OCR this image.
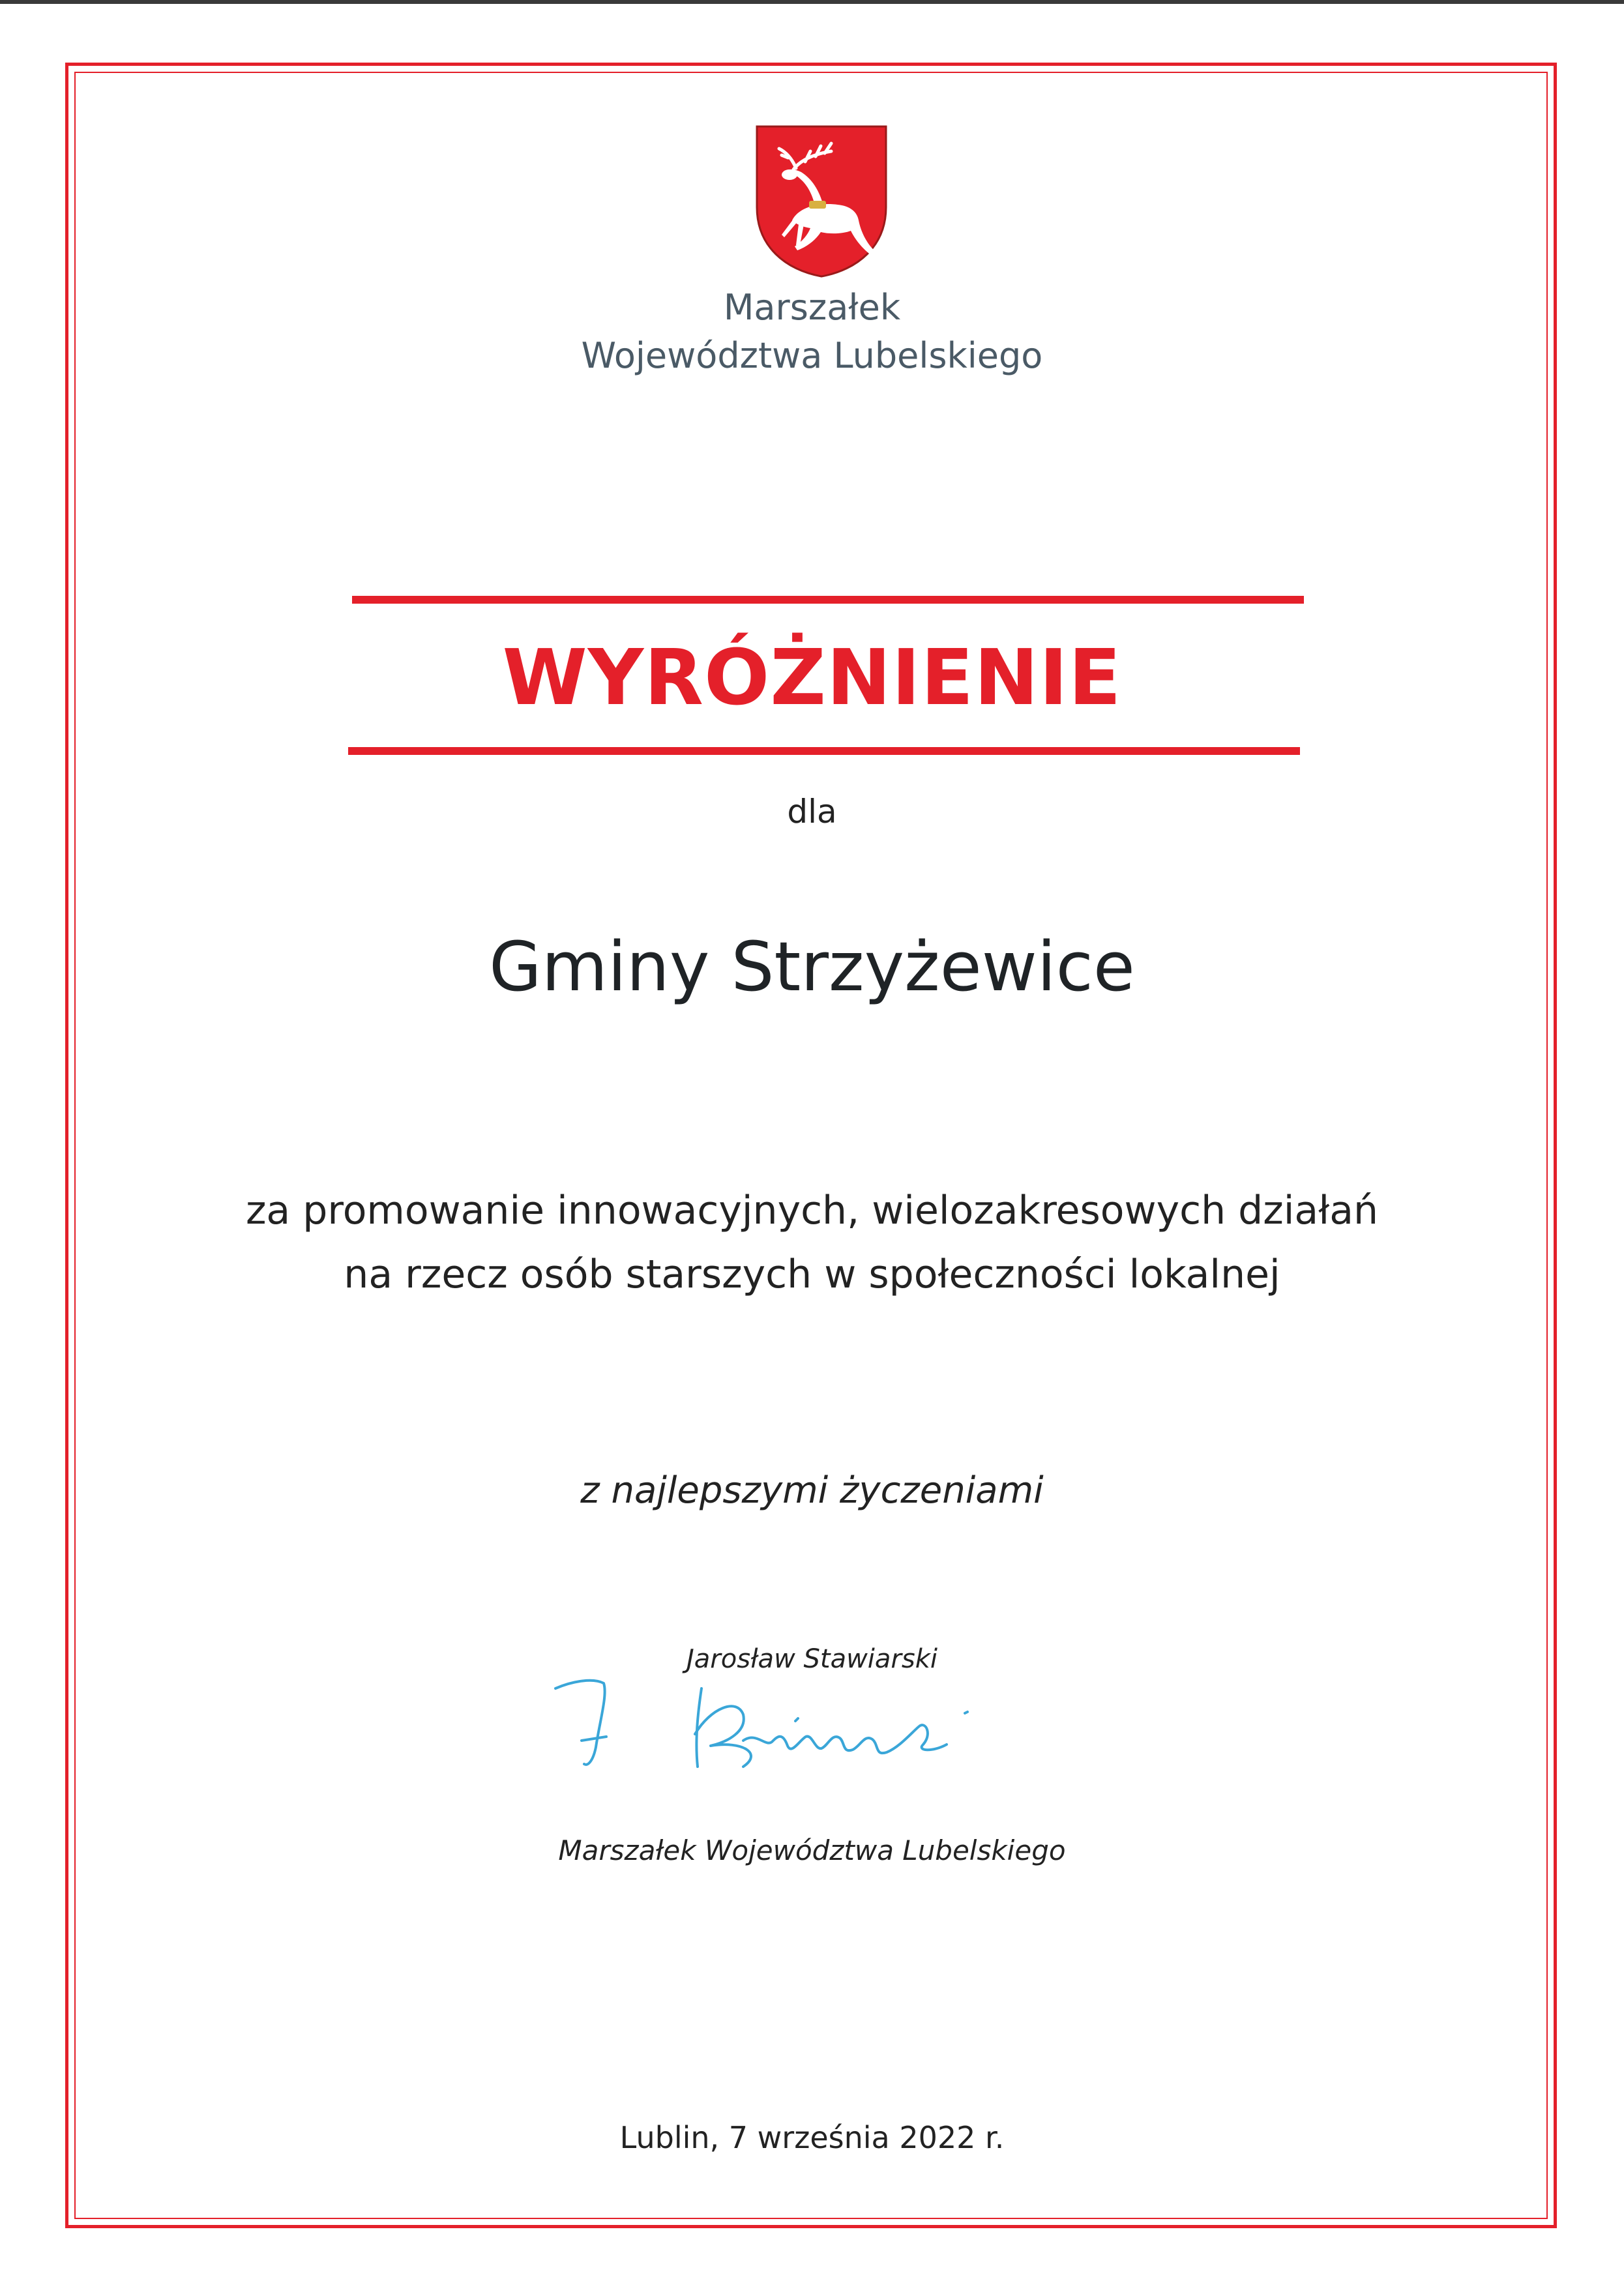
Marszałek
Województwa Lubelskiego
WYRÓŻNIENIE
dla
Gminy Strzyżewice
za promowanie innowacyjnych, wielozakresowych działań
na rzecz osób starszych w społeczności lokalnej
z najlepszymi życzeniami
Jarosław Stawiarski
Marszałek Województwa Lubelskiego
Lublin, 7 września 2022 r.
